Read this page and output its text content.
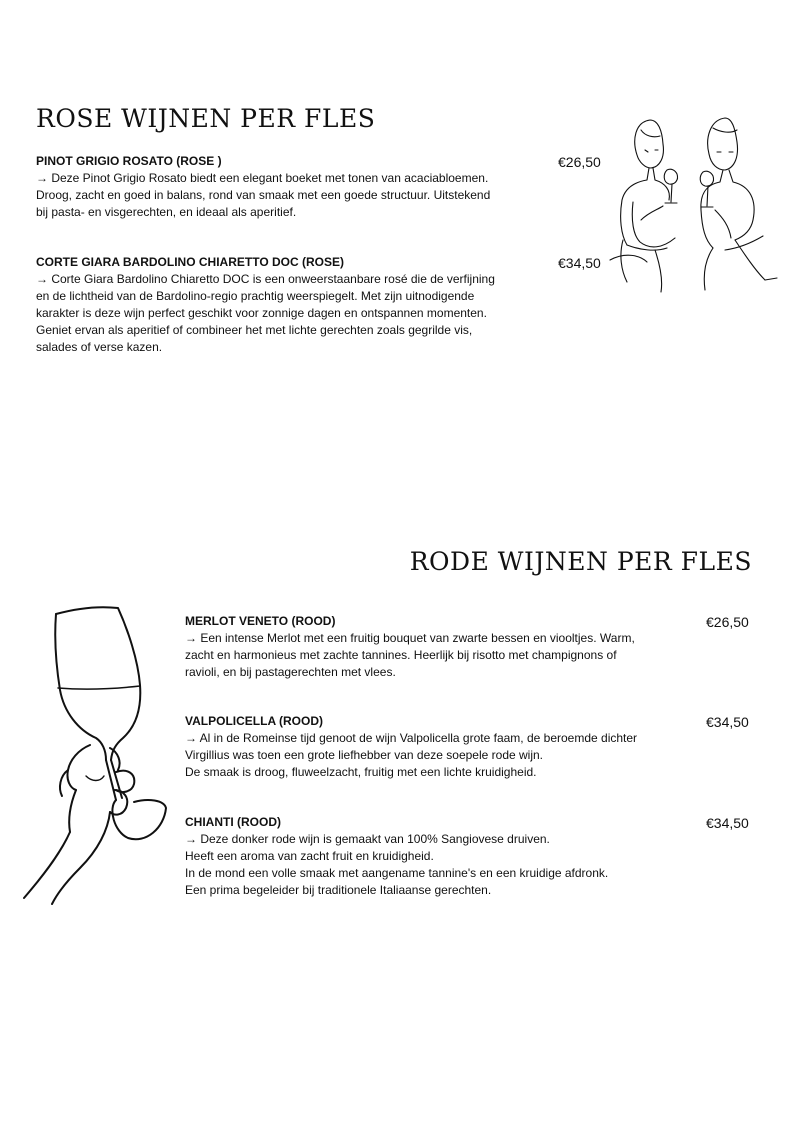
ROSE WIJNEN PER FLES

PINOT GRIGIO ROSATO (ROSE )

→ Deze Pinot Grigio Rosato biedt een elegant boeket met tonen van acaciabloemen.
Droog, zacht en goed in balans, rond van smaak met een goede structuur. Uitstekend
bij pasta- en visgerechten, en ideaal als aperitief.

€26,50

CORTE GIARA BARDOLINO CHIARETTO DOC (ROSE)

→ Corte Giara Bardolino Chiaretto DOC is een onweerstaanbare rosé die de verfijning
en de lichtheid van de Bardolino-regio prachtig weerspiegelt. Met zijn uitnodigende
karakter is deze wijn perfect geschikt voor zonnige dagen en ontspannen momenten.
Geniet ervan als aperitief of combineer het met lichte gerechten zoals gegrilde vis,
salades of verse kazen.

€34,50
RODE WIJNEN PER FLES

MERLOT VENETO (ROOD)

→ Een intense Merlot met een fruitig bouquet van zwarte bessen en viooltjes. Warm,
zacht en harmonieus met zachte tannines. Heerlijk bij risotto met champignons of
ravioli, en bij pastagerechten met vlees.

€26,50

VALPOLICELLA (ROOD)

→ Al in de Romeinse tijd genoot de wijn Valpolicella grote faam, de beroemde dichter
Virgillius was toen een grote liefhebber van deze soepele rode wijn.
De smaak is droog, fluweelzacht, fruitig met een lichte kruidigheid.

€34,50

CHIANTI (ROOD)

→ Deze donker rode wijn is gemaakt van 100% Sangiovese druiven.
Heeft een aroma van zacht fruit en kruidigheid.
In de mond een volle smaak met aangename tannine's en een kruidige afdronk.
Een prima begeleider bij traditionele Italiaanse gerechten.

€34,50
